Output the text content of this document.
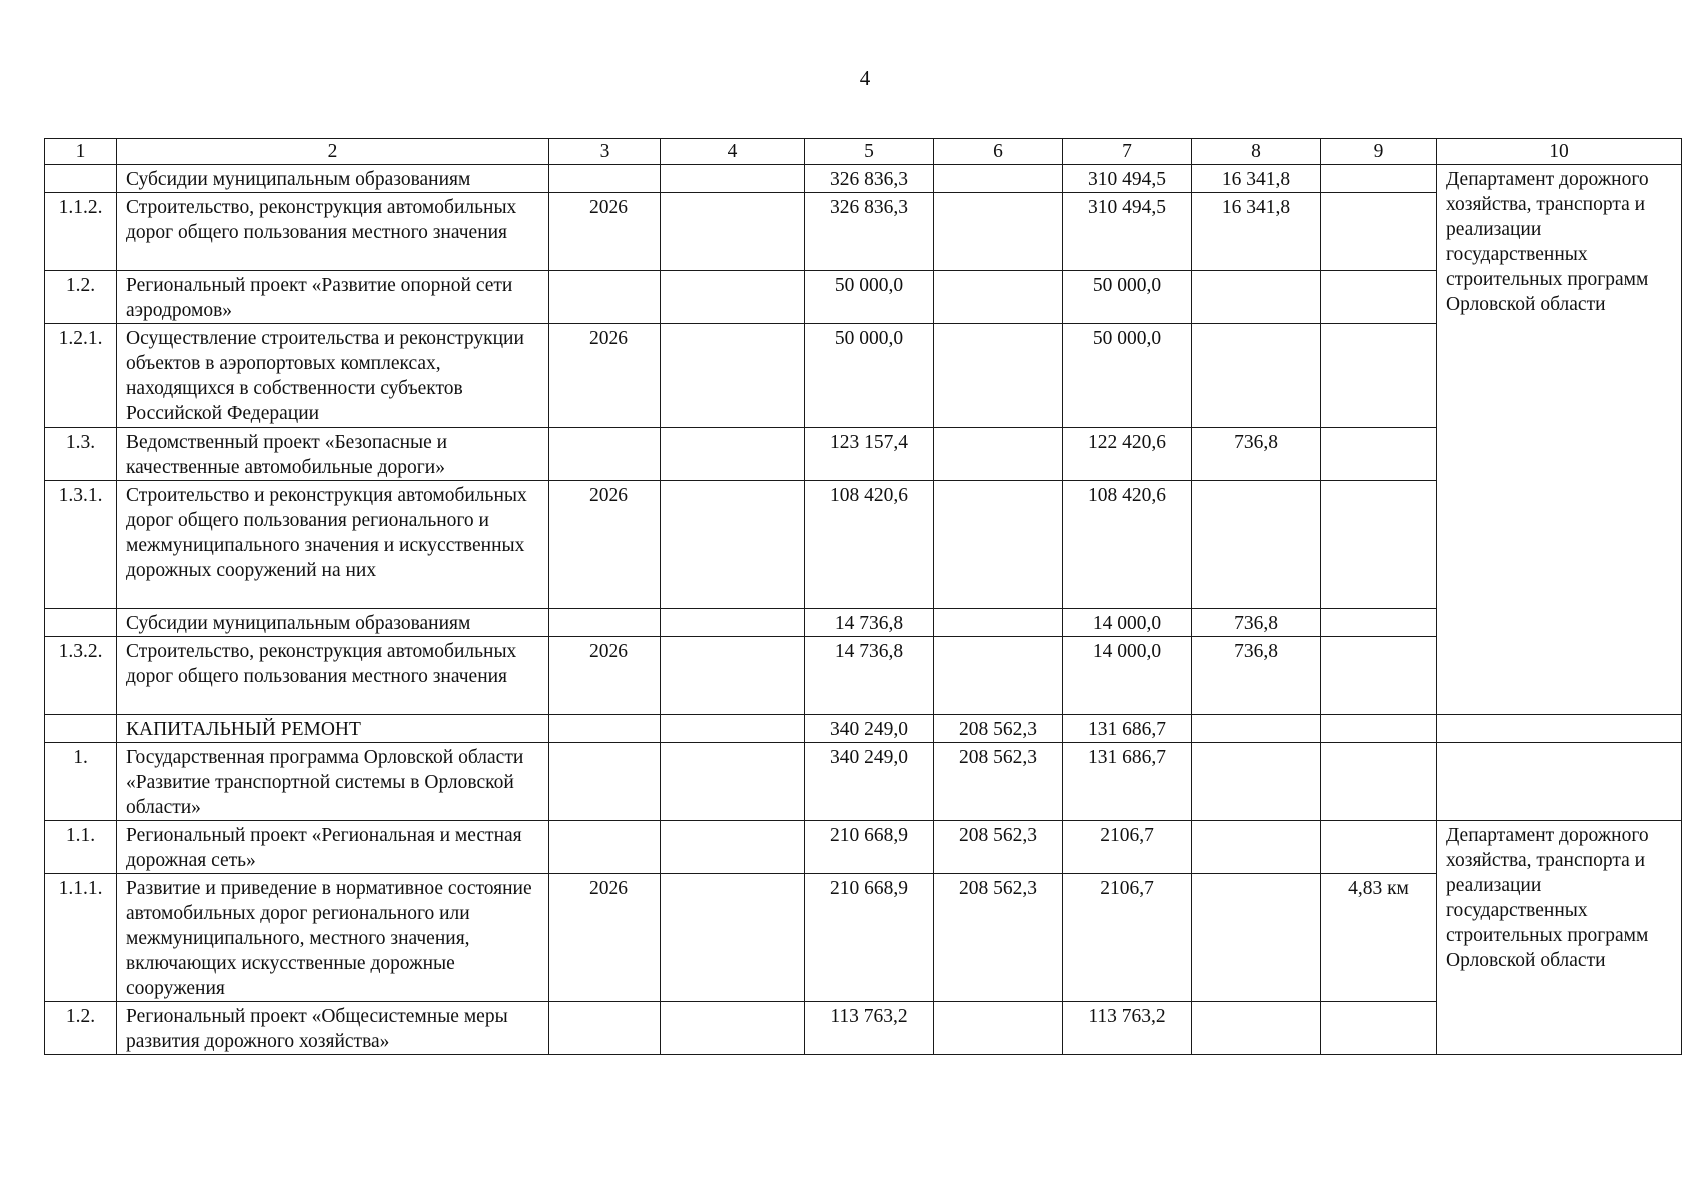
4
1	2	3	4	5	6	7	8	9	10
	Субсидии муниципальным образованиям			326 836,3		310 494,5	16 341,8		Департамент дорожного хозяйства, транспорта и реализации государственных строительных программ Орловской области
1.1.2.	Строительство, реконструкция автомобильных дорог общего пользования местного значения	2026		326 836,3		310 494,5	16 341,8		
1.2.	Региональный проект «Развитие опорной сети аэродромов»			50 000,0		50 000,0			
1.2.1.	Осуществление строительства и реконструкции объектов в аэропортовых комплексах, находящихся в собственности субъектов Российской Федерации	2026		50 000,0		50 000,0			
1.3.	Ведомственный проект «Безопасные и качественные автомобильные дороги»			123 157,4		122 420,6	736,8		
1.3.1.	Строительство и реконструкция автомобильных дорог общего пользования регионального и межмуниципального значения и искусственных дорожных сооружений на них	2026		108 420,6		108 420,6			
	Субсидии муниципальным образованиям			14 736,8		14 000,0	736,8		
1.3.2.	Строительство, реконструкция автомобильных дорог общего пользования местного значения	2026		14 736,8		14 000,0	736,8		
	КАПИТАЛЬНЫЙ РЕМОНТ			340 249,0	208 562,3	131 686,7			
1.	Государственная программа Орловской области «Развитие транспортной системы в Орловской области»			340 249,0	208 562,3	131 686,7			
1.1.	Региональный проект «Региональная и местная дорожная сеть»			210 668,9	208 562,3	2106,7			Департамент дорожного хозяйства, транспорта и реализации государственных строительных программ Орловской области
1.1.1.	Развитие и приведение в нормативное состояние автомобильных дорог регионального или межмуниципального, местного значения, включающих искусственные дорожные сооружения	2026		210 668,9	208 562,3	2106,7		4,83 км	
1.2.	Региональный проект «Общесистемные меры развития дорожного хозяйства»			113 763,2		113 763,2			
